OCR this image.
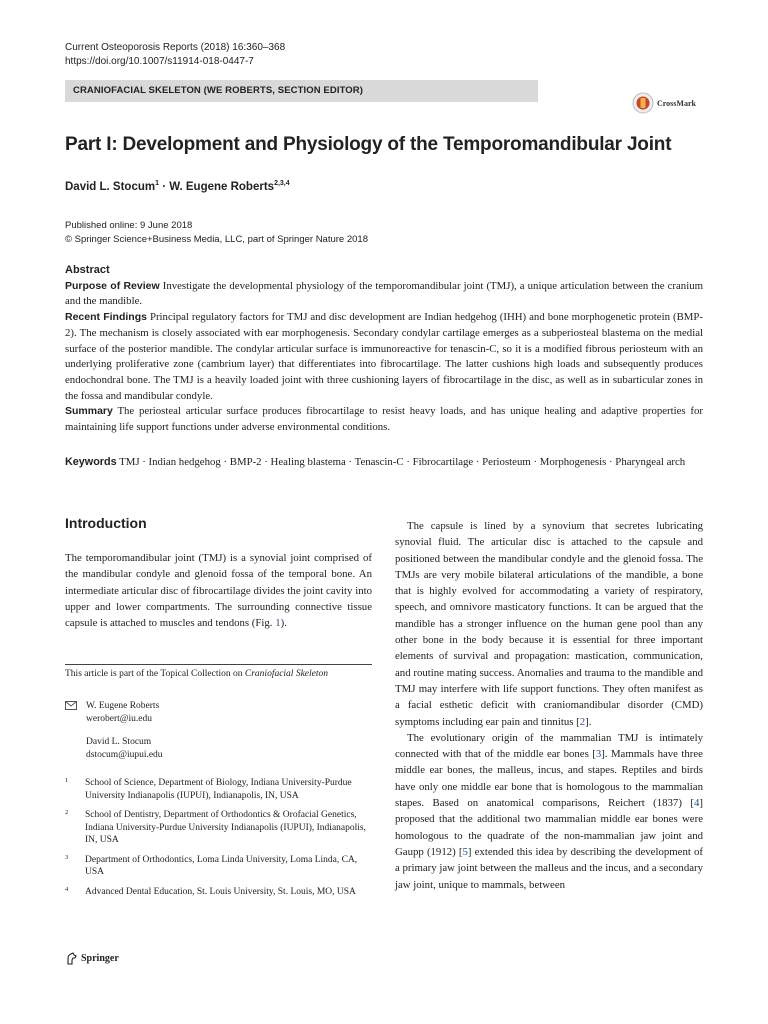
Current Osteoporosis Reports (2018) 16:360–368
https://doi.org/10.1007/s11914-018-0447-7
CRANIOFACIAL SKELETON (WE ROBERTS, SECTION EDITOR)
CrossMark
Part I: Development and Physiology of the Temporomandibular Joint
David L. Stocum$^1$ · W. Eugene Roberts$^{2,3,4}$
Published online: 9 June 2018
© Springer Science+Business Media, LLC, part of Springer Nature 2018
Abstract

Purpose of Review Investigate the developmental physiology of the temporomandibular joint (TMJ), a unique articulation between the cranium and the mandible.

Recent Findings Principal regulatory factors for TMJ and disc development are Indian hedgehog (IHH) and bone morphogenetic protein (BMP-2). The mechanism is closely associated with ear morphogenesis. Secondary condylar cartilage emerges as a subperiosteal blastema on the medial surface of the posterior mandible. The condylar articular surface is immunoreactive for tenascin-C, so it is a modified fibrous periosteum with an underlying proliferative zone (cambrium layer) that differentiates into fibrocartilage. The latter cushions high loads and subsequently produces endochondral bone. The TMJ is a heavily loaded joint with three cushioning layers of fibrocartilage in the disc, as well as in subarticular zones in the fossa and mandibular condyle.

Summary The periosteal articular surface produces fibrocartilage to resist heavy loads, and has unique healing and adaptive properties for maintaining life support functions under adverse environmental conditions.

Keywords TMJ · Indian hedgehog · BMP-2 · Healing blastema · Tenascin-C · Fibrocartilage · Periosteum · Morphogenesis · Pharyngeal arch
Introduction

The temporomandibular joint (TMJ) is a synovial joint comprised of the mandibular condyle and glenoid fossa of the temporal bone. An intermediate articular disc of fibrocartilage divides the joint cavity into upper and lower compartments. The surrounding connective tissue capsule is attached to muscles and tendons (Fig. 1).

This article is part of the Topical Collection on Craniofacial Skeleton
W. Eugene Roberts
werobert@iu.edu
David L. Stocum
dstocum@iupui.edu
1 School of Science, Department of Biology, Indiana University-Purdue University Indianapolis (IUPUI), Indianapolis, IN, USA
2 School of Dentistry, Department of Orthodontics & Orofacial Genetics, Indiana University-Purdue University Indianapolis (IUPUI), Indianapolis, IN, USA
3 Department of Orthodontics, Loma Linda University, Loma Linda, CA, USA
4 Advanced Dental Education, St. Louis University, St. Louis, MO, USA

The capsule is lined by a synovium that secretes lubricating synovial fluid. The articular disc is attached to the capsule and positioned between the mandibular condyle and the glenoid fossa. The TMJs are very mobile bilateral articulations of the mandible, a bone that is highly evolved for accommodating a variety of respiratory, speech, and omnivore masticatory functions. It can be argued that the mandible has a stronger influence on the human gene pool than any other bone in the body because it is essential for three important elements of survival and propagation: mastication, communication, and routine mating success. Anomalies and trauma to the mandible and TMJ may interfere with life support functions. They often manifest as a facial esthetic deficit with craniomandibular disorder (CMD) symptoms including ear pain and tinnitus [2].

The evolutionary origin of the mammalian TMJ is intimately connected with that of the middle ear bones [3]. Mammals have three middle ear bones, the malleus, incus, and stapes. Reptiles and birds have only one middle ear bone that is homologous to the mammalian stapes. Based on anatomical comparisons, Reichert (1837) [4] proposed that the additional two mammalian middle ear bones were homologous to the quadrate of the non-mammalian jaw joint and Gaupp (1912) [5] extended this idea by describing the development of a primary jaw joint between the malleus and the incus, and a secondary jaw joint, unique to mammals, between

Springer
